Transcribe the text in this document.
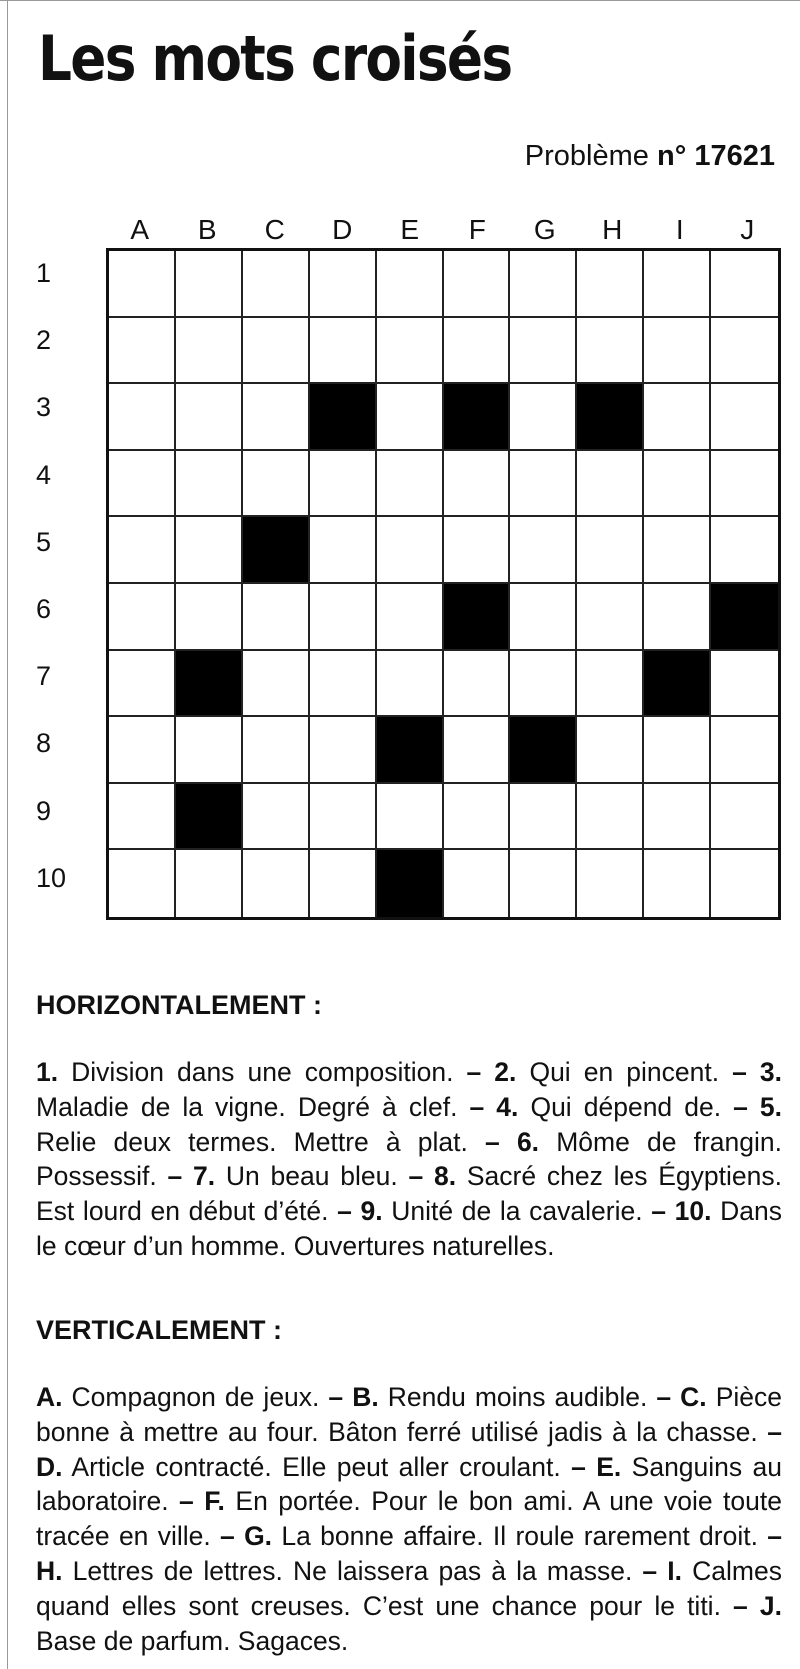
Les mots croisés
Problème n° 17621
A	B	C	D	E	F	G	H	I	J
1
2
3
4
5
6
7
8
9
10
HORIZONTALEMENT :

1. Division dans une composition. – 2. Qui en pincent. – 3. Maladie de la vigne. Degré à clef. – 4. Qui dépend de. – 5. Relie deux termes. Mettre à plat. – 6. Môme de frangin. Possessif. – 7. Un beau bleu. – 8. Sacré chez les Égyptiens. Est lourd en début d’été. – 9. Unité de la cavalerie. – 10. Dans le cœur d’un homme. Ouvertures naturelles.

VERTICALEMENT :

A. Compagnon de jeux. – B. Rendu moins audible. – C. Pièce bonne à mettre au four. Bâton ferré utilisé jadis à la chasse. – D. Article contracté. Elle peut aller croulant. – E. Sanguins au laboratoire. – F. En portée. Pour le bon ami. A une voie toute tracée en ville. – G. La bonne affaire. Il roule rarement droit. – H. Lettres de lettres. Ne laissera pas à la masse. – I. Calmes quand elles sont creuses. C’est une chance pour le titi. – J. Base de parfum. Sagaces.
